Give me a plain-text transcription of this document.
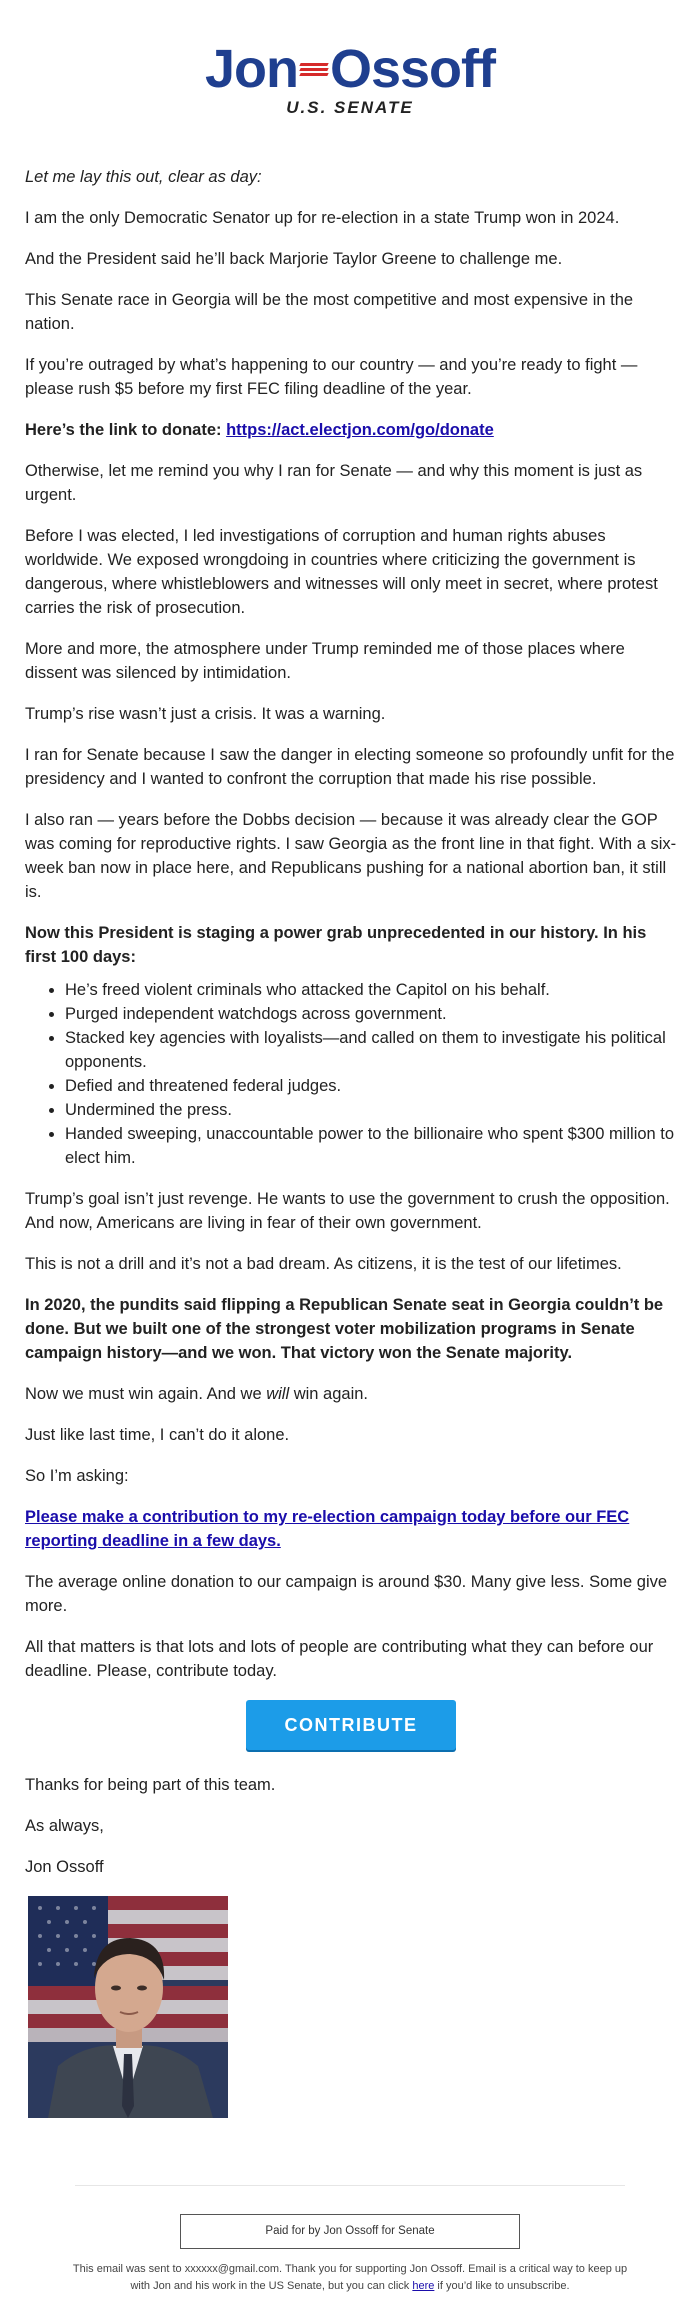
Jon Ossoff
U.S. SENATE

Let me lay this out, clear as day:

I am the only Democratic Senator up for re-election in a state Trump won in 2024.

And the President said he’ll back Marjorie Taylor Greene to challenge me.

This Senate race in Georgia will be the most competitive and most expensive in the nation.

If you’re outraged by what’s happening to our country — and you’re ready to fight — please rush $5 before my first FEC filing deadline of the year.

Here’s the link to donate: https://act.electjon.com/go/donate

Otherwise, let me remind you why I ran for Senate — and why this moment is just as urgent.

Before I was elected, I led investigations of corruption and human rights abuses worldwide. We exposed wrongdoing in countries where criticizing the government is dangerous, where whistleblowers and witnesses will only meet in secret, where protest carries the risk of prosecution.

More and more, the atmosphere under Trump reminded me of those places where dissent was silenced by intimidation.

Trump’s rise wasn’t just a crisis. It was a warning.

I ran for Senate because I saw the danger in electing someone so profoundly unfit for the presidency and I wanted to confront the corruption that made his rise possible.

I also ran — years before the Dobbs decision — because it was already clear the GOP was coming for reproductive rights. I saw Georgia as the front line in that fight. With a six-week ban now in place here, and Republicans pushing for a national abortion ban, it still is.

Now this President is staging a power grab unprecedented in our history. In his first 100 days:

• He’s freed violent criminals who attacked the Capitol on his behalf.
• Purged independent watchdogs across government.
• Stacked key agencies with loyalists—and called on them to investigate his political opponents.
• Defied and threatened federal judges.
• Undermined the press.
• Handed sweeping, unaccountable power to the billionaire who spent $300 million to elect him.

Trump’s goal isn’t just revenge. He wants to use the government to crush the opposition. And now, Americans are living in fear of their own government.

This is not a drill and it’s not a bad dream. As citizens, it is the test of our lifetimes.

In 2020, the pundits said flipping a Republican Senate seat in Georgia couldn’t be done. But we built one of the strongest voter mobilization programs in Senate campaign history—and we won. That victory won the Senate majority.

Now we must win again. And we will win again.

Just like last time, I can’t do it alone.

So I’m asking:

Please make a contribution to my re-election campaign today before our FEC reporting deadline in a few days.

The average online donation to our campaign is around $30. Many give less. Some give more.

All that matters is that lots and lots of people are contributing what they can before our deadline. Please, contribute today.

CONTRIBUTE

Thanks for being part of this team.

As always,

Jon Ossoff

Paid for by Jon Ossoff for Senate
This email was sent to xxxxxx@gmail.com. Thank you for supporting Jon Ossoff. Email is a critical way to keep up with Jon and his work in the US Senate, but you can click here if you’d like to unsubscribe.
